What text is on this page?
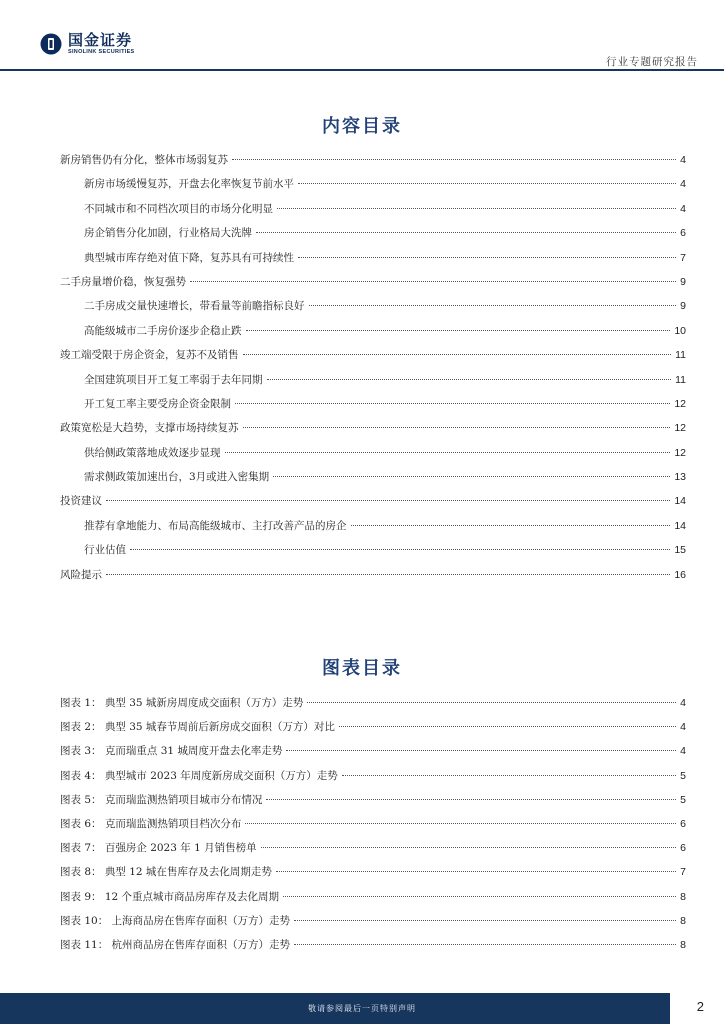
国金证券
SINOLINK SECURITIES
行业专题研究报告
内容目录
新房销售仍有分化，整体市场弱复苏	4
新房市场缓慢复苏，开盘去化率恢复节前水平	4
不同城市和不同档次项目的市场分化明显	4
房企销售分化加剧，行业格局大洗牌	6
典型城市库存绝对值下降，复苏具有可持续性	7
二手房量增价稳，恢复强势	9
二手房成交量快速增长，带看量等前瞻指标良好	9
高能级城市二手房价逐步企稳止跌	10
竣工端受限于房企资金，复苏不及销售	11
全国建筑项目开工复工率弱于去年同期	11
开工复工率主要受房企资金限制	12
政策宽松是大趋势，支撑市场持续复苏	12
供给侧政策落地成效逐步显现	12
需求侧政策加速出台，3月或进入密集期	13
投资建议	14
推荐有拿地能力、布局高能级城市、主打改善产品的房企	14
行业估值	15
风险提示	16
图表目录
图表 1： 典型 35 城新房周度成交面积（万方）走势	4
图表 2： 典型 35 城春节周前后新房成交面积（万方）对比	4
图表 3： 克而瑞重点 31 城周度开盘去化率走势	4
图表 4： 典型城市 2023 年周度新房成交面积（万方）走势	5
图表 5： 克而瑞监测热销项目城市分布情况	5
图表 6： 克而瑞监测热销项目档次分布	6
图表 7： 百强房企 2023 年 1 月销售榜单	6
图表 8： 典型 12 城在售库存及去化周期走势	7
图表 9： 12 个重点城市商品房库存及去化周期	8
图表 10： 上海商品房在售库存面积（万方）走势	8
图表 11： 杭州商品房在售库存面积（万方）走势	8
敬请参阅最后一页特别声明	2
